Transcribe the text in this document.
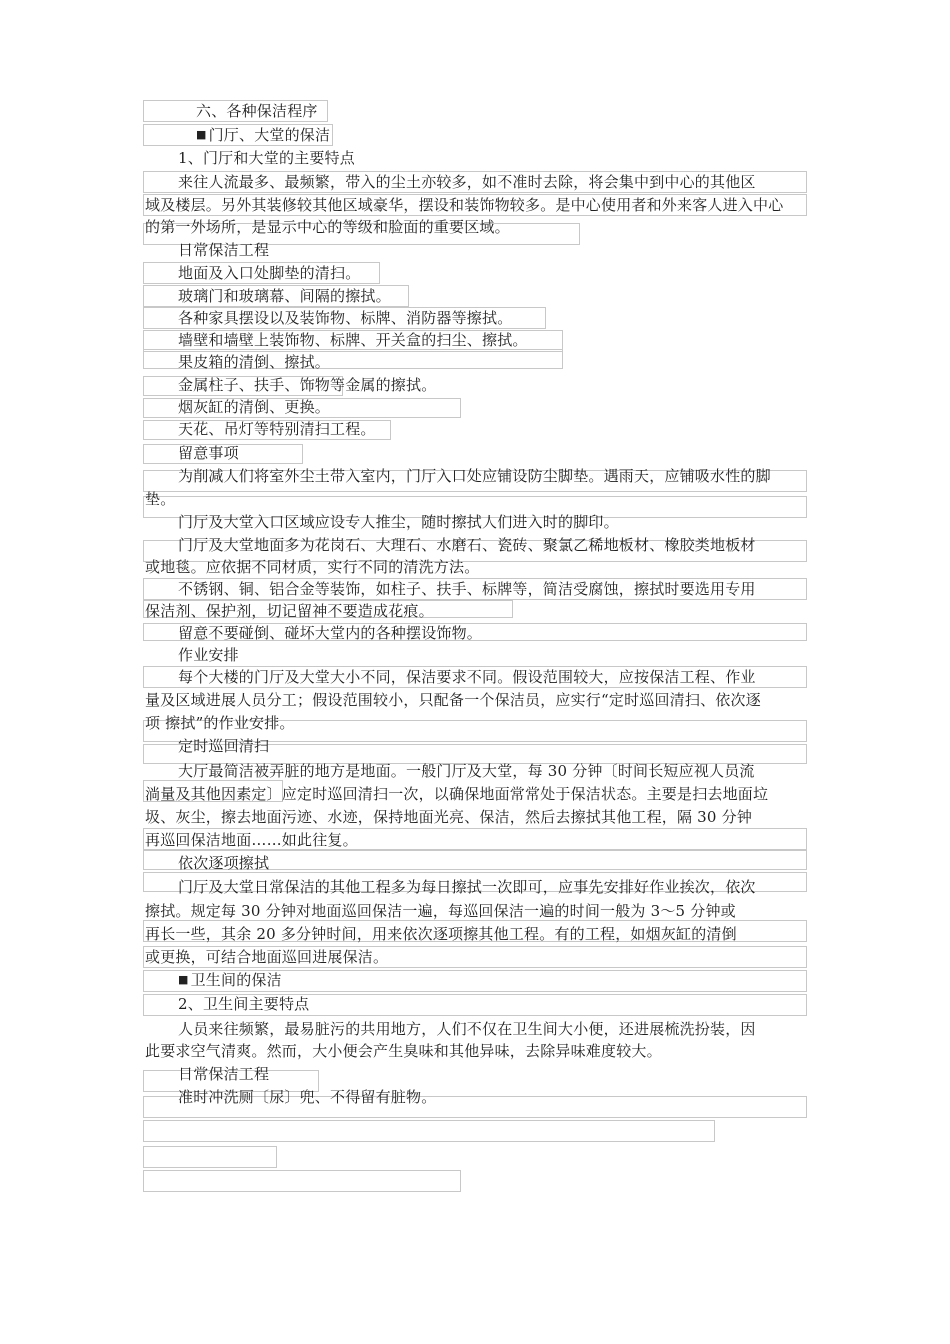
六、各种保洁程序
■ 门厅、大堂的保洁
1、门厅和大堂的主要特点
来往人流最多、最频繁，带入的尘土亦较多，如不准时去除，将会集中到中心的其他区
域及楼层。另外其装修较其他区域豪华，摆设和装饰物较多。是中心使用者和外来客人进入中心
的第一外场所，是显示中心的等级和脸面的重要区域。
日常保洁工程
地面及入口处脚垫的清扫。
玻璃门和玻璃幕、间隔的擦拭。
各种家具摆设以及装饰物、标牌、消防器等擦拭。
墙壁和墙壁上装饰物、标牌、开关盒的扫尘、擦拭。
果皮箱的清倒、擦拭。
金属柱子、扶手、饰物等金属的擦拭。
烟灰缸的清倒、更换。
天花、吊灯等特别清扫工程。
留意事项
为削减人们将室外尘土带入室内，门厅入口处应铺设防尘脚垫。遇雨天，应铺吸水性的脚
垫。
门厅及大堂入口区域应设专人推尘，随时擦拭人们进入时的脚印。
门厅及大堂地面多为花岗石、大理石、水磨石、瓷砖、聚氯乙稀地板材、橡胶类地板材
或地毯。应依据不同材质，实行不同的清洗方法。
不锈钢、铜、铝合金等装饰，如柱子、扶手、标牌等，简洁受腐蚀，擦拭时要选用专用
保洁剂、保护剂，切记留神不要造成花痕。
留意不要碰倒、碰坏大堂内的各种摆设饰物。
作业安排
每个大楼的门厅及大堂大小不同，保洁要求不同。假设范围较大，应按保洁工程、作业
量及区域进展人员分工；假设范围较小，只配备一个保洁员，应实行“定时巡回清扫、依次逐
项 擦拭”的作业安排。
定时巡回清扫
大厅最简洁被弄脏的地方是地面。一般门厅及大堂，每 30 分钟〔时间长短应视人员流
淌量及其他因素定〕应定时巡回清扫一次，以确保地面常常处于保洁状态。主要是扫去地面垃
圾、灰尘，擦去地面污迹、水迹，保持地面光亮、保洁，然后去擦拭其他工程，隔 30 分钟
再巡回保洁地面……如此往复。
依次逐项擦拭
门厅及大堂日常保洁的其他工程多为每日擦拭一次即可，应事先安排好作业挨次，依次
擦拭。规定每 30 分钟对地面巡回保洁一遍，每巡回保洁一遍的时间一般为 3～5 分钟或
再长一些，其余 20 多分钟时间，用来依次逐项擦其他工程。有的工程，如烟灰缸的清倒
或更换，可结合地面巡回进展保洁。
■ 卫生间的保洁
2、卫生间主要特点
人员来往频繁，最易脏污的共用地方，人们不仅在卫生间大小便，还进展梳洗扮装，因
此要求空气清爽。然而，大小便会产生臭味和其他异味，去除异味难度较大。
日常保洁工程
准时冲洗厕〔尿〕兜、不得留有脏物。
